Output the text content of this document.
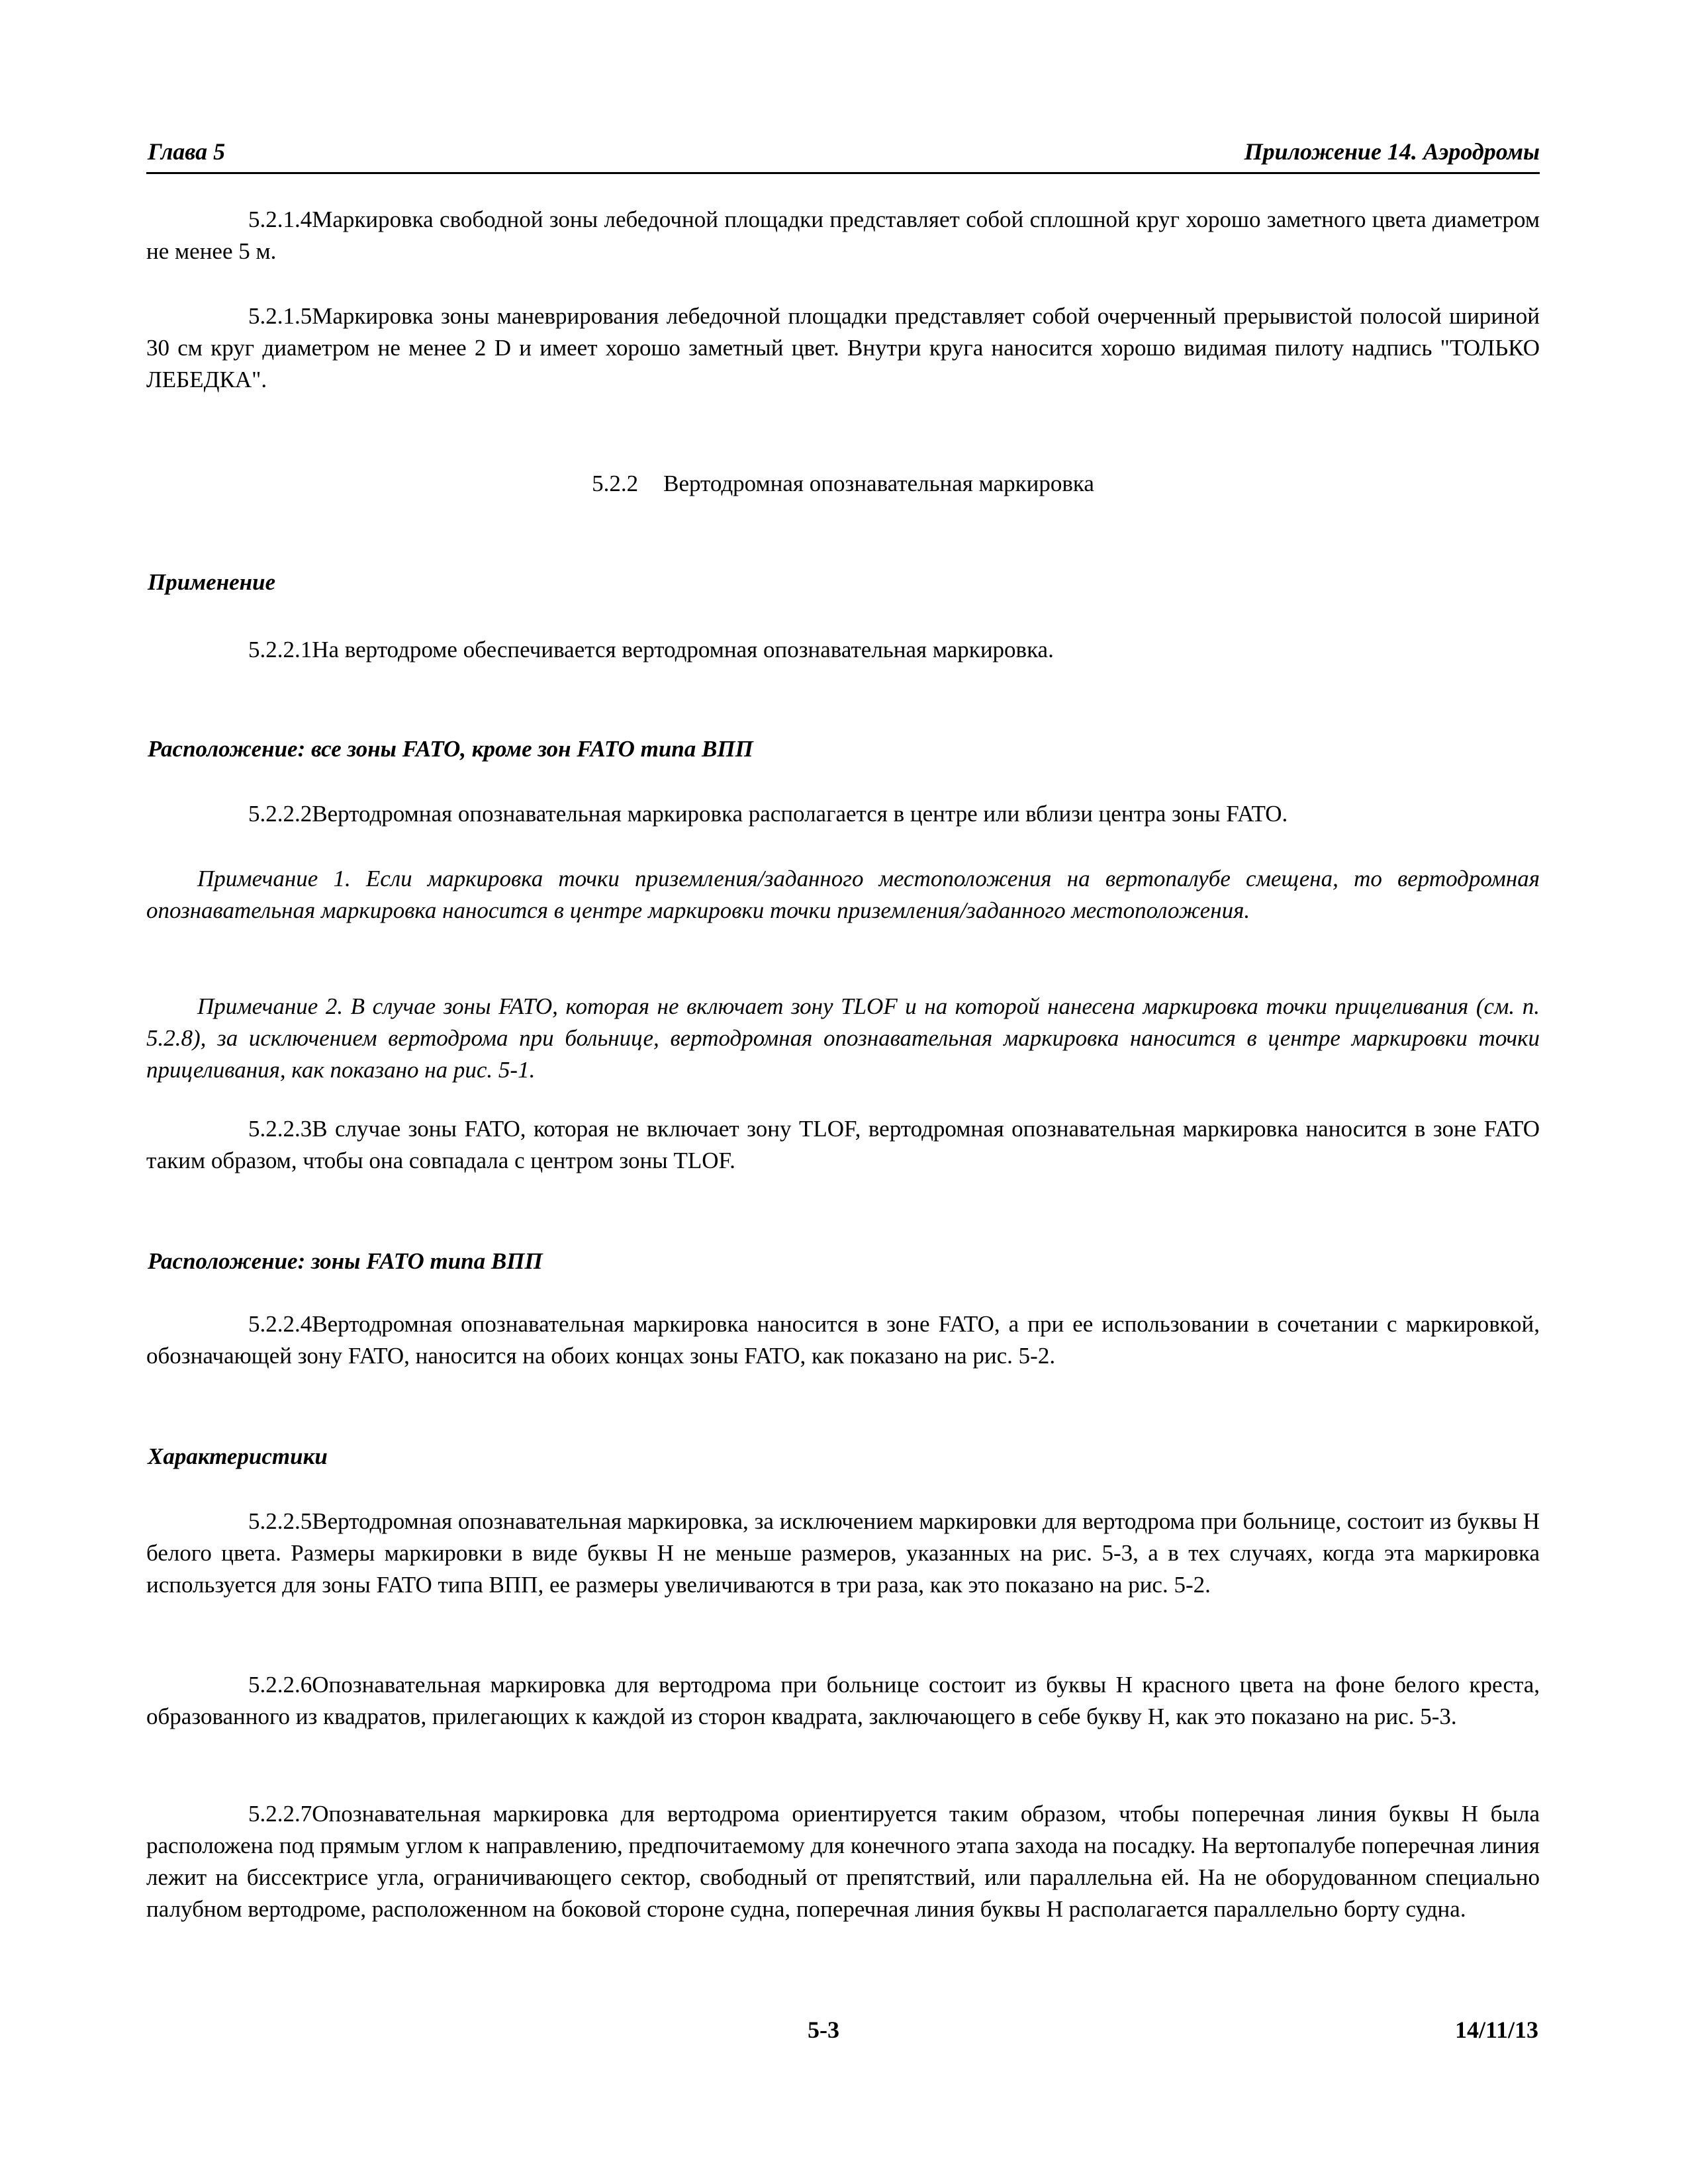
Глава 5	Приложение 14. Аэродромы
5.2.1.4Маркировка свободной зоны лебедочной площадки представляет собой сплошной круг хорошо заметного цвета диаметром не менее 5 м.
5.2.1.5Маркировка зоны маневрирования лебедочной площадки представляет собой очерченный прерывистой полосой шириной 30 см круг диаметром не менее 2 D и имеет хорошо заметный цвет. Внутри круга наносится хорошо видимая пилоту надпись "ТОЛЬКО ЛЕБЕДКА".
5.2.2 Вертодромная опознавательная маркировка
Применение
5.2.2.1На вертодроме обеспечивается вертодромная опознавательная маркировка.
Расположение: все зоны FATO, кроме зон FATO типа ВПП
5.2.2.2Вертодромная опознавательная маркировка располагается в центре или вблизи центра зоны FATO.
Примечание 1. Если маркировка точки приземления/заданного местоположения на вертопалубе смещена, то вертодромная опознавательная маркировка наносится в центре маркировки точки приземления/заданного местоположения.
Примечание 2. В случае зоны FATO, которая не включает зону TLOF и на которой нанесена маркировка точки прицеливания (см. п. 5.2.8), за исключением вертодрома при больнице, вертодромная опознавательная маркировка наносится в центре маркировки точки прицеливания, как показано на рис. 5-1.
5.2.2.3В случае зоны FATO, которая не включает зону TLOF, вертодромная опознавательная маркировка наносится в зоне FATO таким образом, чтобы она совпадала с центром зоны TLOF.
Расположение: зоны FATO типа ВПП
5.2.2.4Вертодромная опознавательная маркировка наносится в зоне FATO, а при ее использовании в сочетании с маркировкой, обозначающей зону FATO, наносится на обоих концах зоны FATO, как показано на рис. 5-2.
Характеристики
5.2.2.5Вертодромная опознавательная маркировка, за исключением маркировки для вертодрома при больнице, состоит из буквы H белого цвета. Размеры маркировки в виде буквы H не меньше размеров, указанных на рис. 5-3, а в тех случаях, когда эта маркировка используется для зоны FATO типа ВПП, ее размеры увеличиваются в три раза, как это показано на рис. 5-2.
5.2.2.6Опознавательная маркировка для вертодрома при больнице состоит из буквы H красного цвета на фоне белого креста, образованного из квадратов, прилегающих к каждой из сторон квадрата, заключающего в себе букву H, как это показано на рис. 5-3.
5.2.2.7Опознавательная маркировка для вертодрома ориентируется таким образом, чтобы поперечная линия буквы H была расположена под прямым углом к направлению, предпочитаемому для конечного этапа захода на посадку. На вертопалубе поперечная линия лежит на биссектрисе угла, ограничивающего сектор, свободный от препятствий, или параллельна ей. На не оборудованном специально палубном вертодроме, расположенном на боковой стороне судна, поперечная линия буквы H располагается параллельно борту судна.
5-3	14/11/13
